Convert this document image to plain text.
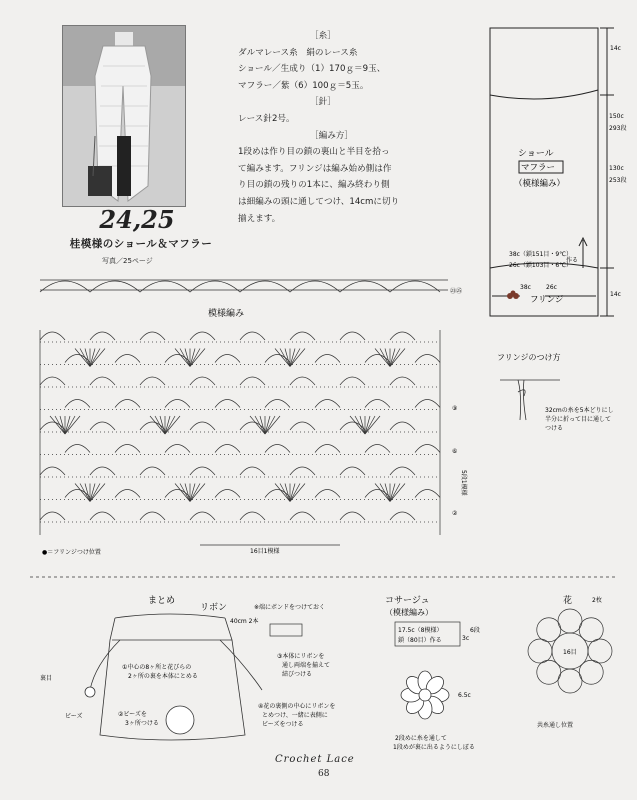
24,25
桂模様のショール＆マフラー
写真／25ページ
［糸］
ダルマレース糸　絹のレース糸
ショール／生成り（1）170ｇ＝9玉、
マフラー／紫（6）100ｇ＝5玉。
［針］
レース針2号。
［編み方］
1段めは作り目の鎖の裏山と半目を拾っ
て編みます。フリンジは編み始め側は作
り目の鎖の残りの1本に、編み終わり側
は細編みの頭に通してつけ、14cmに切り
揃えます。
14c
150c
293段
130c
253段
14c
ショール
マフラー
（模様編み）
38c（鎖151目・9℃）
26c（鎖103目・6℃）
作る
38c	26c
フリンジ
㉓㉕
模様編み
⑨
⑥
②
5段1模様
16目1模様
●＝フリンジつけ位置
フリンジのつけ方
32cmの糸を5本どりにし
半分に折って目に通して
つける
まとめ
リボン	※端にボンドをつけておく
40cm 2本
裏目
ビーズ
①中心の8ヶ所と花びらの
2ヶ所の裏を本体にとめる
②ビーズを
3ヶ所つける
③本体にリボンを
通し両端を揃えて
結びつける
④花の裏側の中心にリボンを
とめつけ、一緒に表側に
ビーズをつける
コサージュ
（模様編み）
17.5c（8模様）
鎖（80目）作る
6段
3c
6.5c
2段めに糸を通して
1段めが裏に出るようにしぼる
花	2枚
16目
共糸通し位置
Crochet Lace
68
